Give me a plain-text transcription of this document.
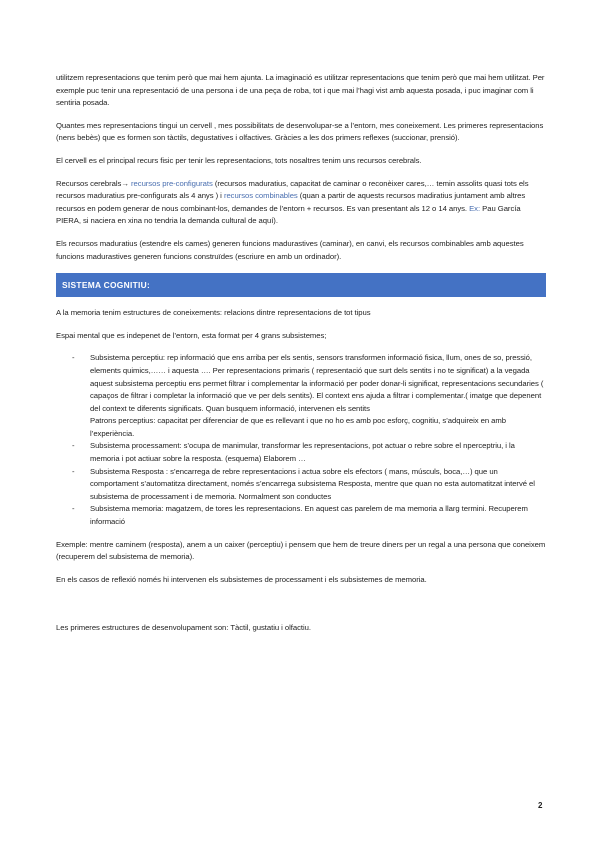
utilitzem representacions que tenim però que mai hem ajunta. La imaginació es utilitzar representacions que tenim però que mai hem utilitzat. Per exemple puc tenir una representació de una persona i de una peça de roba, tot i que mai l’hagi vist amb aquesta posada, i puc imaginar com li sentiria posada.

Quantes mes representacions tingui un cervell , mes possibilitats de desenvolupar-se a l’entorn, mes coneixement. Les primeres representacions (nens bebès) que es formen son tàctils, degustatives i olfactives. Gràcies a les dos primers reflexes (succionar, prensió).

El cervell es el principal recurs fisic per tenir les representacions, tots nosaltres tenim uns recursos cerebrals.

Recursos cerebrals→ recursos pre-configurats (recursos maduratius, capacitat de caminar o reconèixer cares,… temin assolits quasi tots els recursos maduratius pre-configurats als 4 anys ) i recursos combinables (quan a partir de aquests recursos madiratius juntament amb altres recursos en podem generar de nous combinant-los, demandes de l’entorn + recursos. Es van presentant als 12 o 14 anys. Ex: Pau García PIERA, si naciera en xina no tendria la demanda cultural de aquí).

Els recursos maduratius (estendre els cames) generen funcions madurastives (caminar), en canvi, els recursos combinables amb aquestes funcions madurastives generen funcions construïdes (escriure en amb un ordinador).

SISTEMA COGNITIU:

A la memoria tenim estructures de coneixements: relacions dintre representacions de tot tipus

Espai mental que es indepenet de l’entorn, esta format per 4 grans subsistemes;

- Subsistema perceptiu: rep informació que ens arriba per els sentis, sensors transformen informació fisica, llum, ones de so, pressió, elements quimics,…… i aquesta …. Per representacions primaris ( representació que surt dels sentits i no te significat) a la vegada aquest subsistema perceptiu ens permet filtrar i complementar la informació per poder donar-li significat, representacions secundaries ( capaços de filtrar i completar la informació que ve per dels sentits). El context ens ajuda a filtrar i complementar.( imatge que depenent del context te diferents significats. Quan busquem informació, intervenen els sentits
Patrons perceptius: capacitat per diferenciar de que es rellevant i que no ho es amb poc esforç, cognitiu, s’adquireix en amb l’experiència.
- Subsistema processament: s’ocupa de manimular, transformar les representacions, pot actuar o rebre sobre el nperceptriu, i la memoria i pot actiuar sobre la resposta. (esquema) Elaborem …
- Subsistema Resposta : s’encarrega de rebre representacions i actua sobre els efectors ( mans, músculs, boca,…) que un comportament s’automatitza directament, només s’encarrega subsistema Resposta, mentre que quan no esta automatitzat intervé el subsistema de processament i de memoria. Normalment son conductes
- Subsistema memoria: magatzem, de tores les representacions. En aquest cas parelem de ma memoria a llarg termini. Recuperem informació

Exemple: mentre caminem (resposta), anem a un caixer (perceptiu) i pensem que hem de treure diners per un regal a una persona que coneixem (recuperem del subsistema de memoria).

En els casos de reflexió només hi intervenen els subsistemes de processament i els subsistemes de memoria.

Les primeres estructures de desenvolupament son: Tàctil, gustatiu i olfactiu.

2
